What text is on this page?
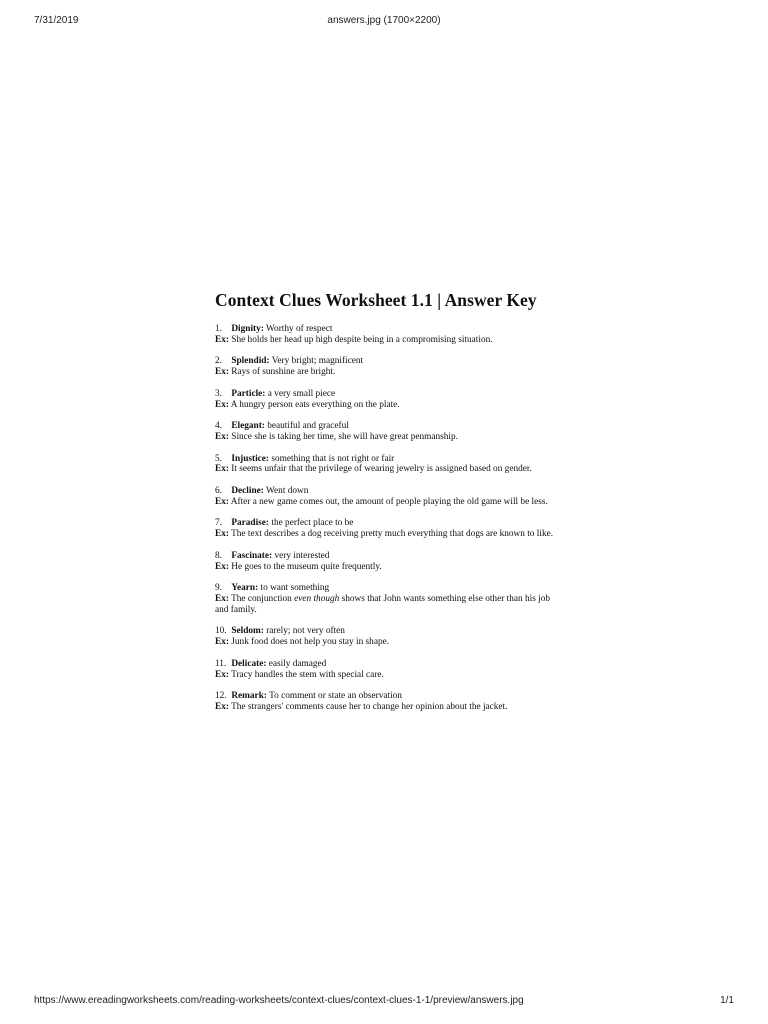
7/31/2019	answers.jpg (1700×2200)
Context Clues Worksheet 1.1 | Answer Key
1. Dignity: Worthy of respect
Ex: She holds her head up high despite being in a compromising situation.
2. Splendid: Very bright; magnificent
Ex: Rays of sunshine are bright.
3. Particle: a very small piece
Ex: A hungry person eats everything on the plate.
4. Elegant: beautiful and graceful
Ex: Since she is taking her time, she will have great penmanship.
5. Injustice: something that is not right or fair
Ex: It seems unfair that the privilege of wearing jewelry is assigned based on gender.
6. Decline: Went down
Ex: After a new game comes out, the amount of people playing the old game will be less.
7. Paradise: the perfect place to be
Ex: The text describes a dog receiving pretty much everything that dogs are known to like.
8. Fascinate: very interested
Ex: He goes to the museum quite frequently.
9. Yearn: to want something
Ex: The conjunction even though shows that John wants something else other than his job and family.
10. Seldom: rarely; not very often
Ex: Junk food does not help you stay in shape.
11. Delicate: easily damaged
Ex: Tracy handles the stem with special care.
12. Remark: To comment or state an observation
Ex: The strangers' comments cause her to change her opinion about the jacket.
https://www.ereadingworksheets.com/reading-worksheets/context-clues/context-clues-1-1/preview/answers.jpg	1/1
